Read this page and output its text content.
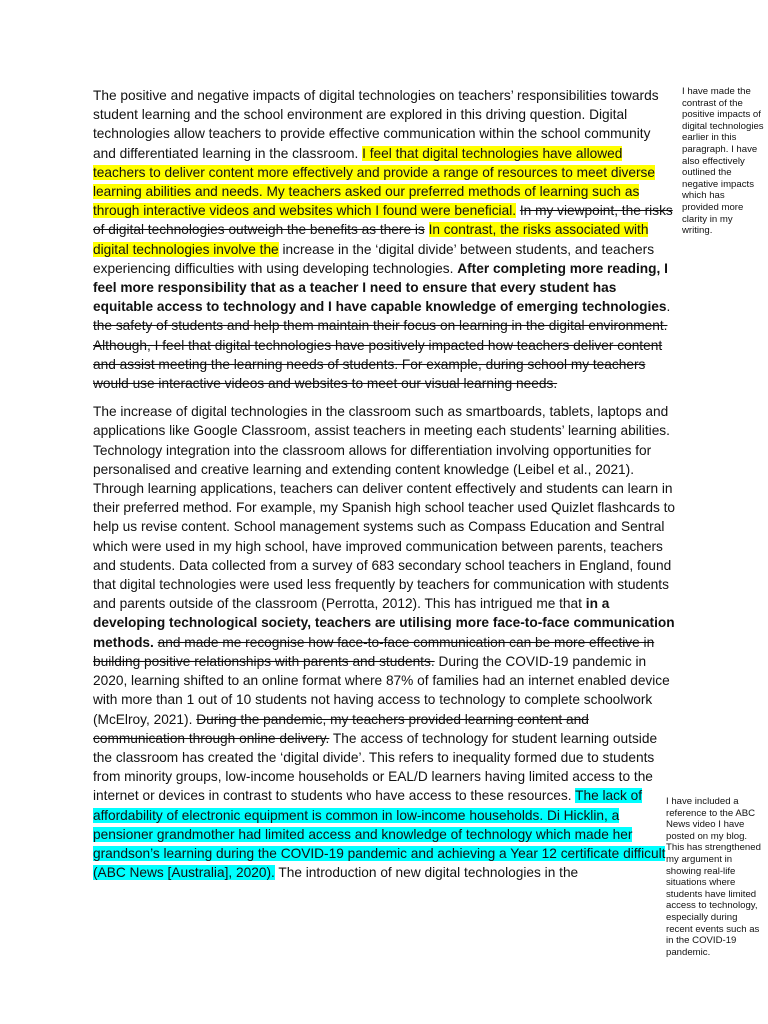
The positive and negative impacts of digital technologies on teachers’ responsibilities towards student learning and the school environment are explored in this driving question. Digital technologies allow teachers to provide effective communication within the school community and differentiated learning in the classroom. I feel that digital technologies have allowed teachers to deliver content more effectively and provide a range of resources to meet diverse learning abilities and needs. My teachers asked our preferred methods of learning such as through interactive videos and websites which I found were beneficial. In my viewpoint, the risks of digital technologies outweigh the benefits as there is In contrast, the risks associated with digital technologies involve the increase in the ‘digital divide’ between students, and teachers experiencing difficulties with using developing technologies. After completing more reading, I feel more responsibility that as a teacher I need to ensure that every student has equitable access to technology and I have capable knowledge of emerging technologies. the safety of students and help them maintain their focus on learning in the digital environment. Although, I feel that digital technologies have positively impacted how teachers deliver content and assist meeting the learning needs of students. For example, during school my teachers would use interactive videos and websites to meet our visual learning needs.

The increase of digital technologies in the classroom such as smartboards, tablets, laptops and applications like Google Classroom, assist teachers in meeting each students’ learning abilities. Technology integration into the classroom allows for differentiation involving opportunities for personalised and creative learning and extending content knowledge (Leibel et al., 2021). Through learning applications, teachers can deliver content effectively and students can learn in their preferred method. For example, my Spanish high school teacher used Quizlet flashcards to help us revise content. School management systems such as Compass Education and Sentral which were used in my high school, have improved communication between parents, teachers and students. Data collected from a survey of 683 secondary school teachers in England, found that digital technologies were used less frequently by teachers for communication with students and parents outside of the classroom (Perrotta, 2012). This has intrigued me that in a developing technological society, teachers are utilising more face-to-face communication methods. and made me recognise how face-to-face communication can be more effective in building positive relationships with parents and students. During the COVID-19 pandemic in 2020, learning shifted to an online format where 87% of families had an internet enabled device with more than 1 out of 10 students not having access to technology to complete schoolwork (McElroy, 2021). During the pandemic, my teachers provided learning content and communication through online delivery. The access of technology for student learning outside the classroom has created the ‘digital divide’. This refers to inequality formed due to students from minority groups, low-income households or EAL/D learners having limited access to the internet or devices in contrast to students who have access to these resources. The lack of affordability of electronic equipment is common in low-income households. Di Hicklin, a pensioner grandmother had limited access and knowledge of technology which made her grandson’s learning during the COVID-19 pandemic and achieving a Year 12 certificate difficult (ABC News [Australia], 2020). The introduction of new digital technologies in the

I have made the contrast of the positive impacts of digital technologies earlier in this paragraph. I have also effectively outlined the negative impacts which has provided more clarity in my writing.
I have included a reference to the ABC News video I have posted on my blog. This has strengthened my argument in showing real-life situations where students have limited access to technology, especially during recent events such as in the COVID-19 pandemic.
